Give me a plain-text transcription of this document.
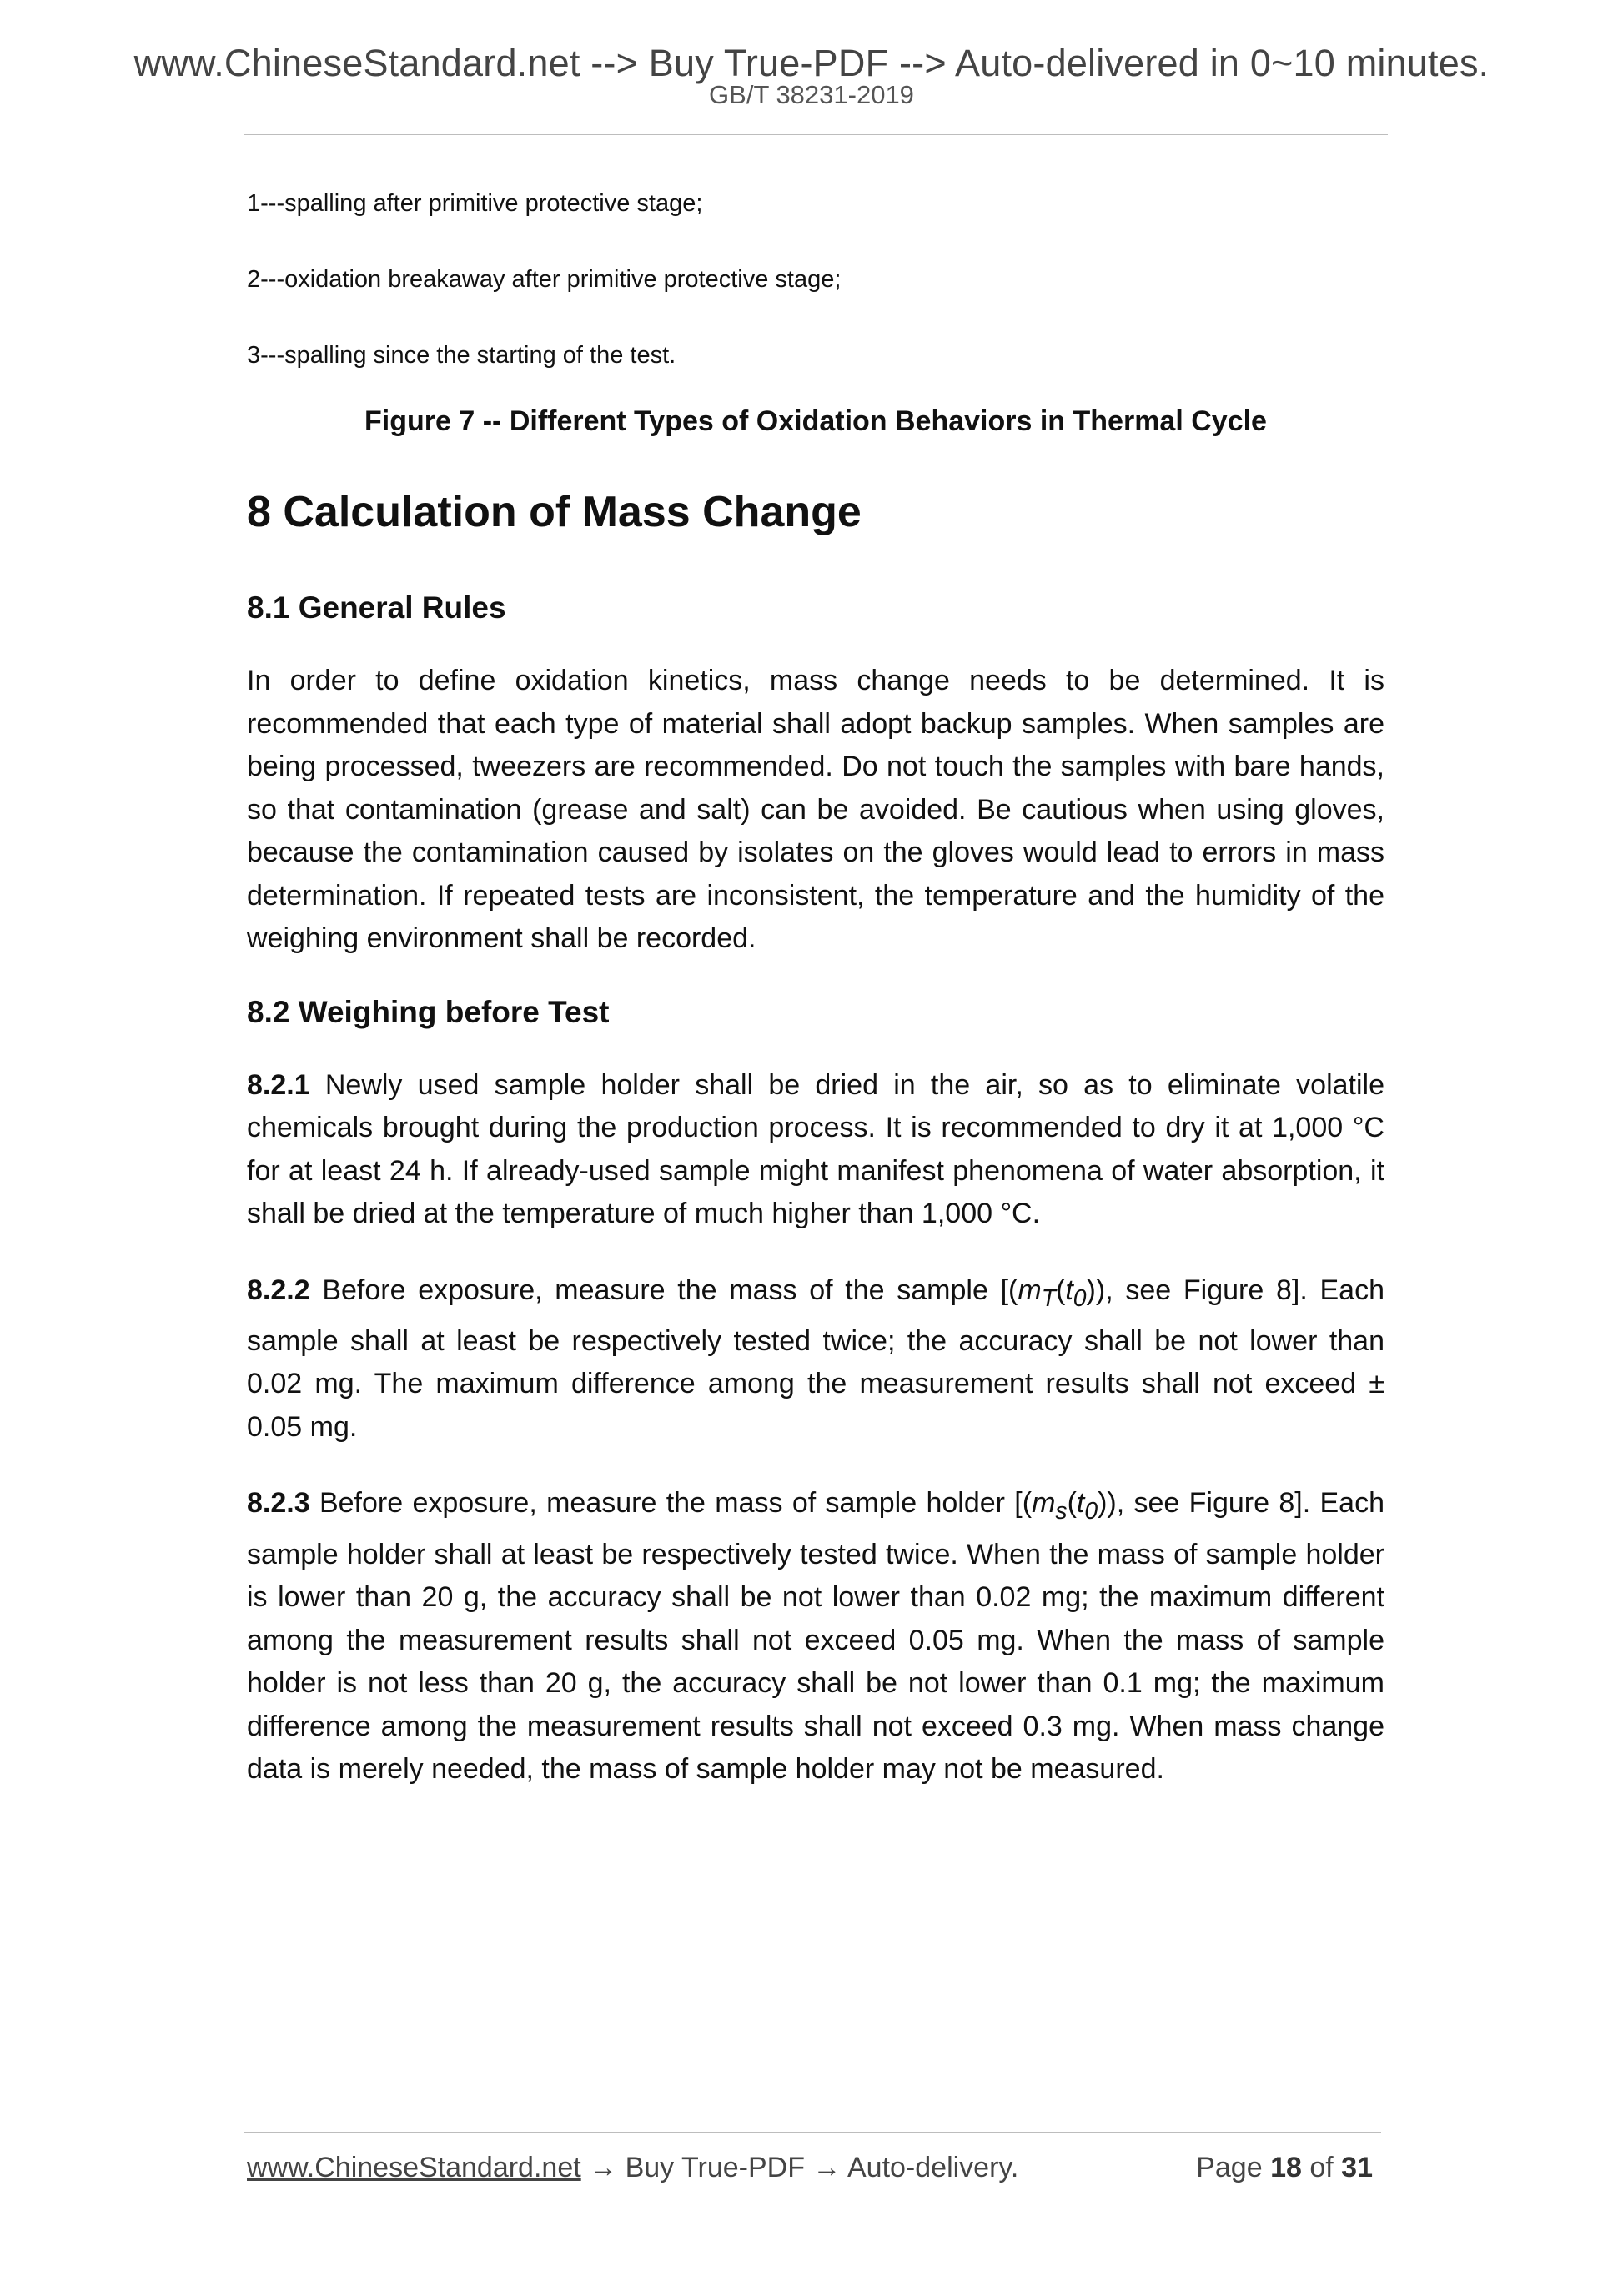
www.ChineseStandard.net --> Buy True-PDF --> Auto-delivered in 0~10 minutes.
GB/T 38231-2019
1---spalling after primitive protective stage;
2---oxidation breakaway after primitive protective stage;
3---spalling since the starting of the test.
Figure 7 -- Different Types of Oxidation Behaviors in Thermal Cycle
8 Calculation of Mass Change
8.1 General Rules

In order to define oxidation kinetics, mass change needs to be determined. It is recommended that each type of material shall adopt backup samples. When samples are being processed, tweezers are recommended. Do not touch the samples with bare hands, so that contamination (grease and salt) can be avoided. Be cautious when using gloves, because the contamination caused by isolates on the gloves would lead to errors in mass determination. If repeated tests are inconsistent, the temperature and the humidity of the weighing environment shall be recorded.

8.2 Weighing before Test

8.2.1 Newly used sample holder shall be dried in the air, so as to eliminate volatile chemicals brought during the production process. It is recommended to dry it at 1,000 °C for at least 24 h. If already-used sample might manifest phenomena of water absorption, it shall be dried at the temperature of much higher than 1,000 °C.

8.2.2 Before exposure, measure the mass of the sample [$(m_T(t_0))$, see Figure 8]. Each sample shall at least be respectively tested twice; the accuracy shall be not lower than 0.02 mg. The maximum difference among the measurement results shall not exceed ± 0.05 mg.

8.2.3 Before exposure, measure the mass of sample holder [$(m_s(t_0))$, see Figure 8]. Each sample holder shall at least be respectively tested twice. When the mass of sample holder is lower than 20 g, the accuracy shall be not lower than 0.02 mg; the maximum different among the measurement results shall not exceed 0.05 mg. When the mass of sample holder is not less than 20 g, the accuracy shall be not lower than 0.1 mg; the maximum difference among the measurement results shall not exceed 0.3 mg. When mass change data is merely needed, the mass of sample holder may not be measured.

www.ChineseStandard.net → Buy True-PDF → Auto-delivery.	Page 18 of 31
